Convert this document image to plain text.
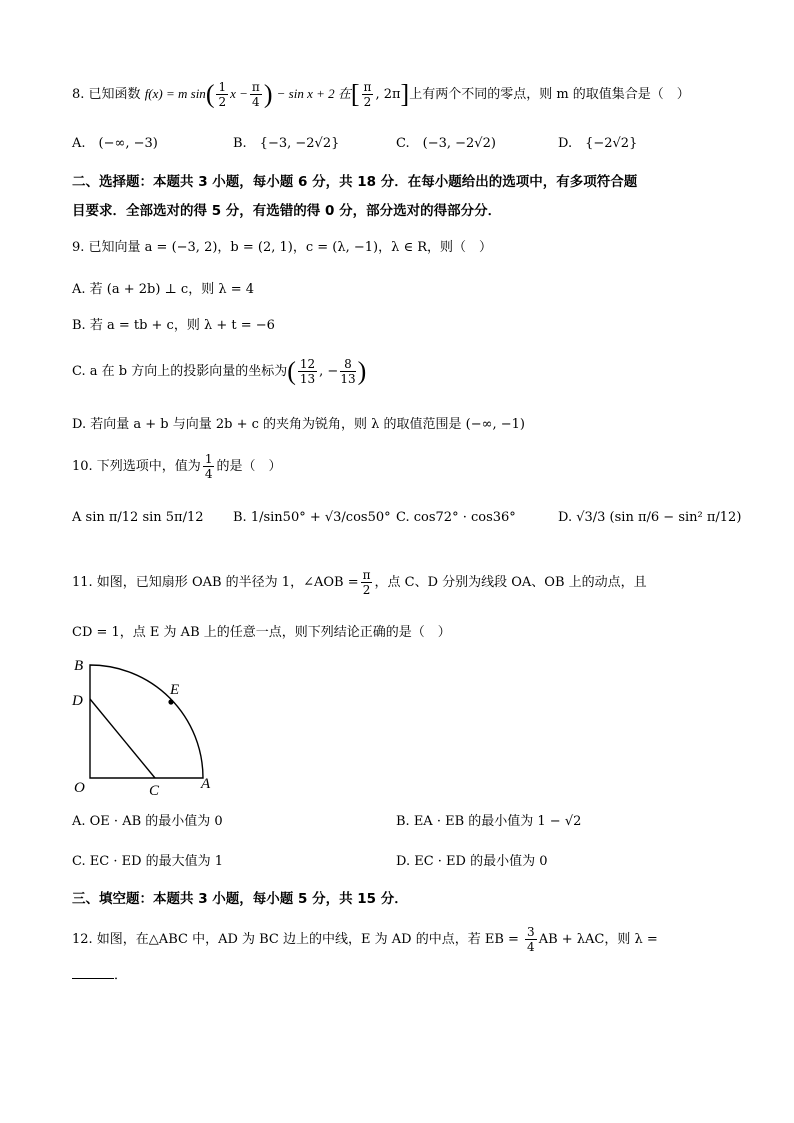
8. 已知函数 f(x) = m $\sin( \frac{1}{2}$ $x - \frac{\pi}{4}$ ) − sin x + 2 在[ $\frac{\pi}{2}$ , 2π]上有两个不同的零点，则 m 的取值集合是（　）
A.　(−∞, −3)	B.　{−3, −2√2}	C.　(−3, −2√2)	D.　{−2√2}
二、选择题：本题共 3 小题，每小题 6 分，共 18 分．在每小题给出的选项中，有多项符合题
目要求．全部选对的得 5 分，有选错的得 0 分，部分选对的得部分分．
9. 已知向量 a = (−3, 2)，b = (2, 1)，c = (λ, −1)，λ ∈ R，则（　）
A. 若 (a + 2b) ⊥ c，则 λ = 4
B. 若 a = tb + c，则 λ + t = −6
C. a 在 b 方向上的投影向量的坐标为( $\frac{12}{13}$ , − $\frac{8}{13}$ )
D. 若向量 a + b 与向量 2b + c 的夹角为锐角，则 λ 的取值范围是 (−∞, −1)
10. 下列选项中，值为 $\frac{1}{4}$ 的是（　）
A sin π/12 sin 5π/12 B. 1/sin50° + √3/cos50° C. cos72° · cos36°	D. √3/3 (sin π/6 − sin² π/12)
11. 如图，已知扇形 OAB 的半径为 1，∠AOB = $\frac{\pi}{2}$ ，点 C、D 分别为线段 OA、OB 上的动点，且
CD = 1，点 E 为 AB 上的任意一点，则下列结论正确的是（　）
B
D
E
O	C	A
A. OE · AB 的最小值为 0	B. EA · EB 的最小值为 1 − √2
C. EC · ED 的最大值为 1	D. EC · ED 的最小值为 0
三、填空题：本题共 3 小题，每小题 5 分，共 15 分．
12. 如图，在△ABC 中，AD 为 BC 边上的中线，E 为 AD 的中点，若 EB = $\frac{3}{4}$ AB + λAC，则 λ =
．
